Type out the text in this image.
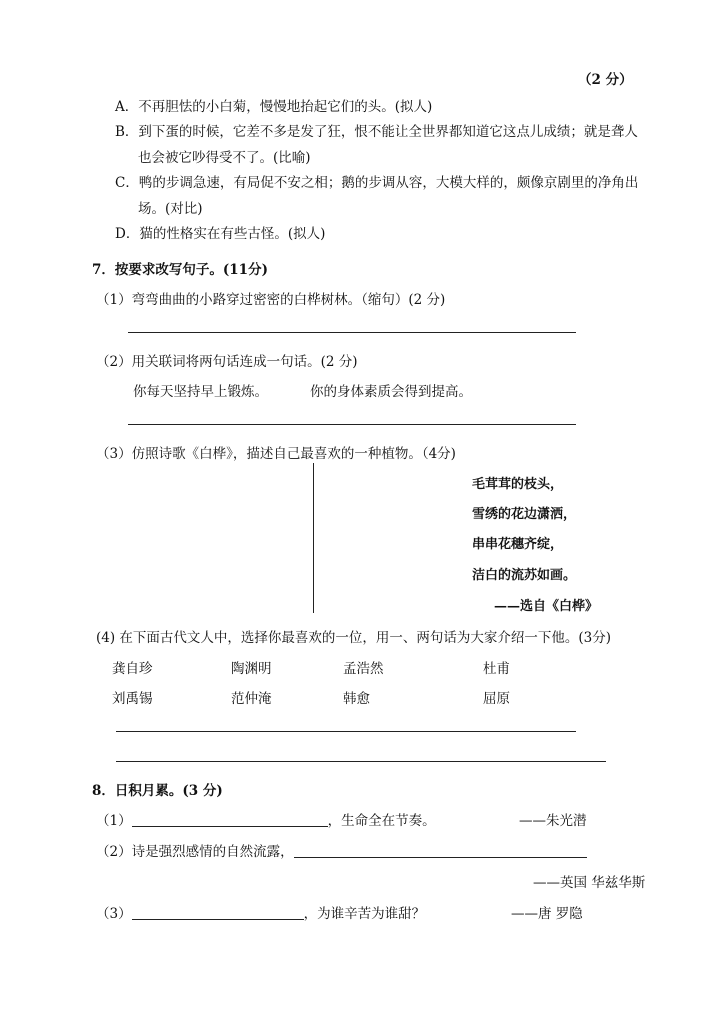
（2 分）
A．不再胆怯的小白菊，慢慢地抬起它们的头。(拟人)
B．到下蛋的时候，它差不多是发了狂，恨不能让全世界都知道它这点儿成绩；就是聋人
也会被它吵得受不了。(比喻)
C．鸭的步调急速，有局促不安之相；鹅的步调从容，大模大样的，颇像京剧里的净角出
场。(对比)
D．猫的性格实在有些古怪。(拟人)
7．按要求改写句子。(11分)
（1）弯弯曲曲的小路穿过密密的白桦树林。（缩句）(2 分)
（2）用关联词将两句话连成一句话。(2 分)
你每天坚持早上锻炼。	你的身体素质会得到提高。
（3）仿照诗歌《白桦》，描述自己最喜欢的一种植物。（4分)
毛茸茸的枝头，
雪绣的花边潇洒，
串串花穗齐绽，
洁白的流苏如画。
——选自《白桦》
(4) 在下面古代文人中，选择你最喜欢的一位，用一、两句话为大家介绍一下他。(3分)
龚自珍	陶渊明	孟浩然	杜甫
刘禹锡	范仲淹	韩愈	屈原
8．日积月累。(3 分)
（1）	，生命全在节奏。	——朱光潜
（2）诗是强烈感情的自然流露，
——英国 华兹华斯
（3）	，为谁辛苦为谁甜？	——唐 罗隐
